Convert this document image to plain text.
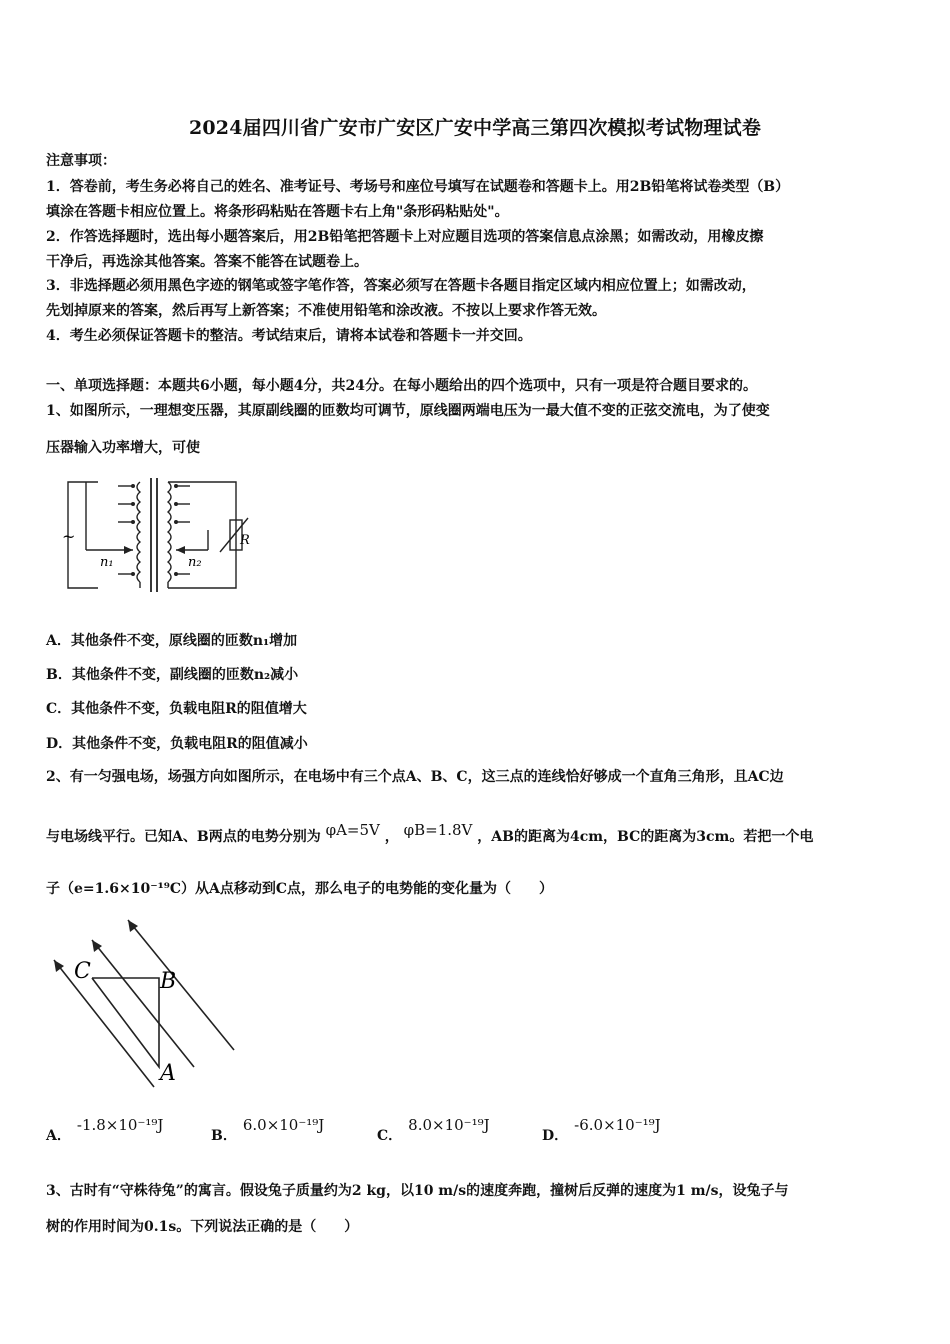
2024届四川省广安市广安区广安中学高三第四次模拟考试物理试卷
注意事项：
1．答卷前，考生务必将自己的姓名、准考证号、考场号和座位号填写在试题卷和答题卡上。用2B铅笔将试卷类型（B）
填涂在答题卡相应位置上。将条形码粘贴在答题卡右上角"条形码粘贴处"。
2．作答选择题时，选出每小题答案后，用2B铅笔把答题卡上对应题目选项的答案信息点涂黑；如需改动，用橡皮擦
干净后，再选涂其他答案。答案不能答在试题卷上。
3．非选择题必须用黑色字迹的钢笔或签字笔作答，答案必须写在答题卡各题目指定区域内相应位置上；如需改动，
先划掉原来的答案，然后再写上新答案；不准使用铅笔和涂改液。不按以上要求作答无效。
4．考生必须保证答题卡的整洁。考试结束后，请将本试卷和答题卡一并交回。
一、单项选择题：本题共6小题，每小题4分，共24分。在每小题给出的四个选项中，只有一项是符合题目要求的。
1、如图所示，一理想变压器，其原副线圈的匝数均可调节，原线圈两端电压为一最大值不变的正弦交流电，为了使变
压器输入功率增大，可使
~
n₁	n₂
R
A．其他条件不变，原线圈的匝数n₁增加
B．其他条件不变，副线圈的匝数n₂减小
C．其他条件不变，负载电阻R的阻值增大
D．其他条件不变，负载电阻R的阻值减小
2、有一匀强电场，场强方向如图所示，在电场中有三个点A、B、C，这三点的连线恰好够成一个直角三角形，且AC边
与电场线平行。已知A、B两点的电势分别为 φA=5V ， φB=1.8V ，AB的距离为4cm，BC的距离为3cm。若把一个电
子（e=1.6×10⁻¹⁹C）从A点移动到C点，那么电子的电势能的变化量为（　　）
C	B
A
A．-1.8×10⁻¹⁹J
B．6.0×10⁻¹⁹J
C．8.0×10⁻¹⁹J
D．-6.0×10⁻¹⁹J
3、古时有“守株待兔”的寓言。假设兔子质量约为2 kg，以10 m/s的速度奔跑，撞树后反弹的速度为1 m/s，设兔子与
树的作用时间为0.1s。下列说法正确的是（　　）
